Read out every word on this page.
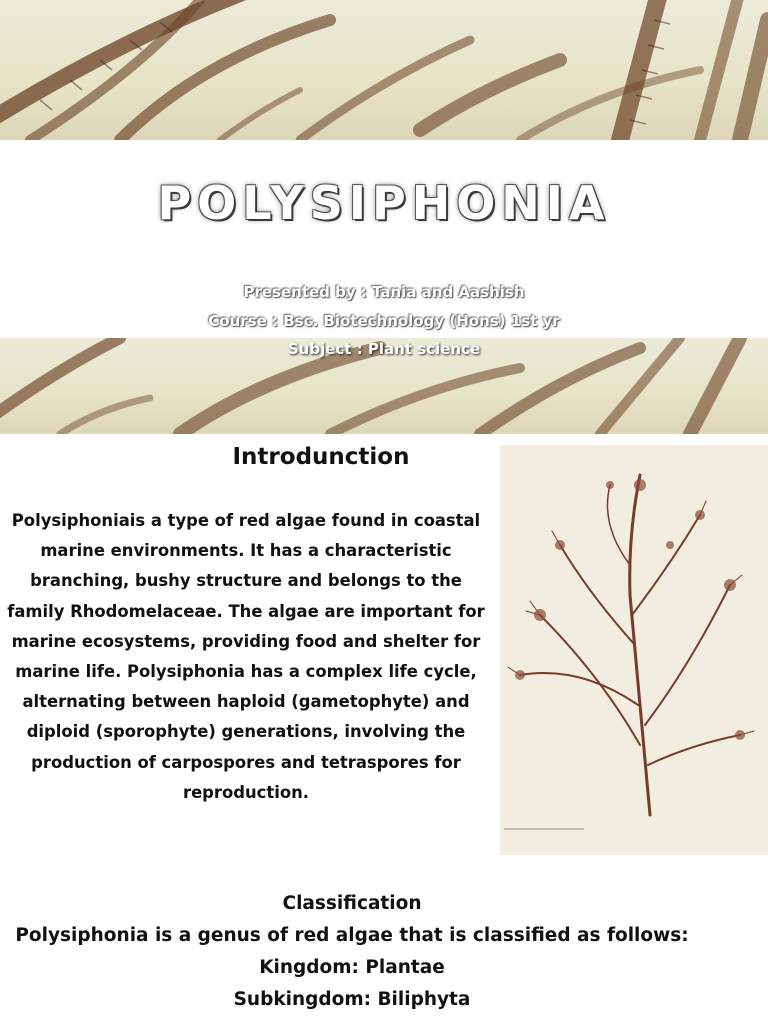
POLYSIPHONIA
Presented by : Tania and Aashish
Course : Bsc. Biotechnology (Hons) 1st yr
Subject : Plant science
Introdunction
Polysiphoniais a type of red algae found in coastal marine environments. It has a characteristic branching, bushy structure and belongs to the family Rhodomelaceae. The algae are important for marine ecosystems, providing food and shelter for marine life. Polysiphonia has a complex life cycle, alternating between haploid (gametophyte) and diploid (sporophyte) generations, involving the production of carpospores and tetraspores for reproduction.
Classification
Polysiphonia is a genus of red algae that is classified as follows:
Kingdom: Plantae
Subkingdom: Biliphyta
